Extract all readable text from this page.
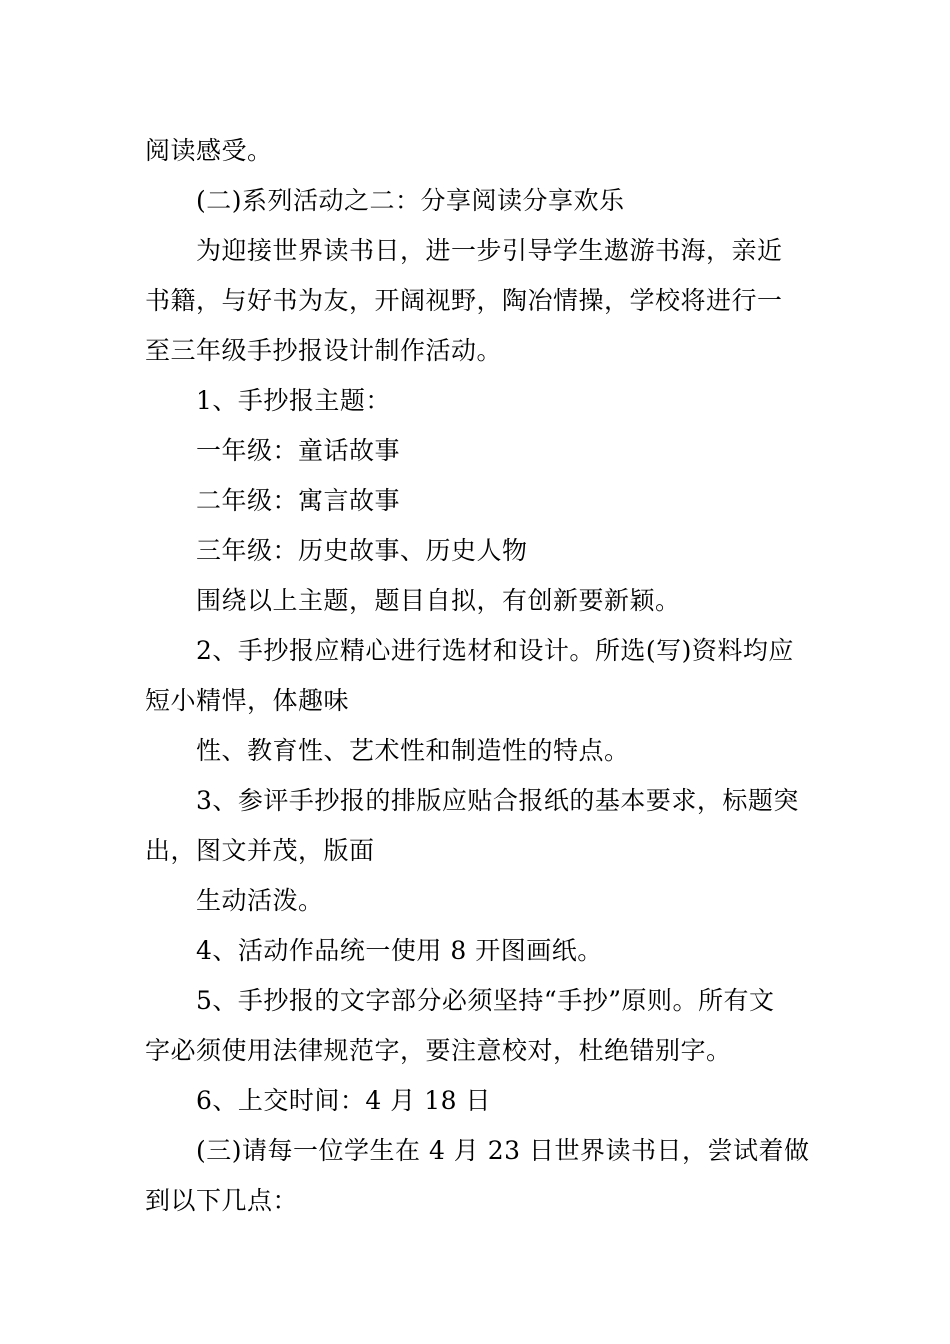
阅读感受。
(二)系列活动之二：分享阅读分享欢乐
为迎接世界读书日，进一步引导学生遨游书海，亲近
书籍，与好书为友，开阔视野，陶冶情操，学校将进行一
至三年级手抄报设计制作活动。
1、手抄报主题：
一年级：童话故事
二年级：寓言故事
三年级：历史故事、历史人物
围绕以上主题，题目自拟，有创新要新颖。
2、手抄报应精心进行选材和设计。所选(写)资料均应
短小精悍，体趣味
性、教育性、艺术性和制造性的特点。
3、参评手抄报的排版应贴合报纸的基本要求，标题突
出，图文并茂，版面
生动活泼。
4、活动作品统一使用 8 开图画纸。
5、手抄报的文字部分必须坚持“手抄”原则。所有文
字必须使用法律规范字，要注意校对，杜绝错别字。
6、上交时间：4 月 18 日
(三)请每一位学生在 4 月 23 日世界读书日，尝试着做
到以下几点：
